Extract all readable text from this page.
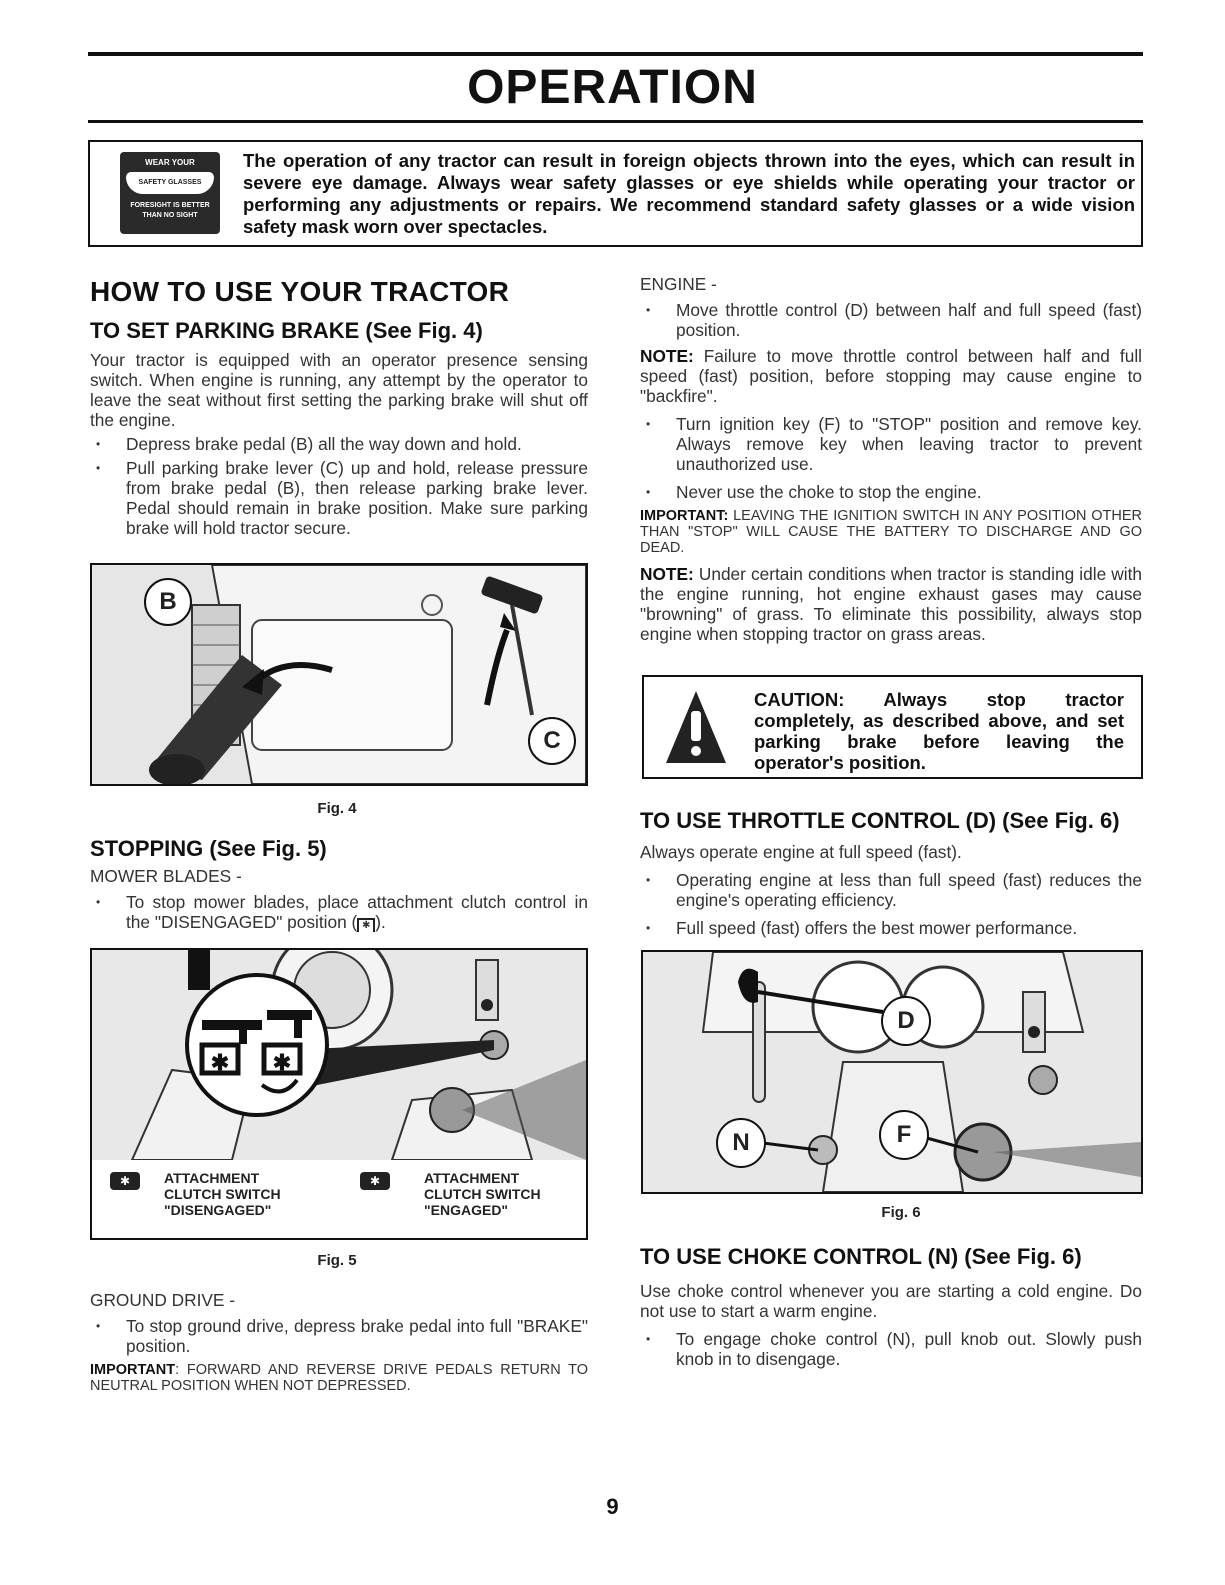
OPERATION
WEAR YOUR
SAFETY GLASSES
FORESIGHT IS BETTER
THAN NO SIGHT
The operation of any tractor can result in foreign objects thrown into the eyes, which can result in severe eye damage. Always wear safety glasses or eye shields while operating your tractor or performing any adjustments or repairs. We recommend standard safety glasses or a wide vision safety mask worn over spectacles.
HOW TO USE YOUR TRACTOR
TO SET PARKING BRAKE (See Fig. 4)

Your tractor is equipped with an operator presence sensing switch. When engine is running, any attempt by the operator to leave the seat without first setting the parking brake will shut off the engine.

• Depress brake pedal (B) all the way down and hold.

• Pull parking brake lever (C) up and hold, release pressure from brake pedal (B), then release parking brake lever. Pedal should remain in brake position. Make sure parking brake will hold tractor secure.

B
C
Fig. 4
STOPPING (See Fig. 5)

MOWER BLADES -

• To stop mower blades, place attachment clutch control in the "DISENGAGED" position ( ✱ ).

✱ ✱
✱	ATTACHMENT
CLUTCH SWITCH
"DISENGAGED"
✱	ATTACHMENT
CLUTCH SWITCH
"ENGAGED"
Fig. 5

GROUND DRIVE -

• To stop ground drive, depress brake pedal into full "BRAKE" position.

IMPORTANT: FORWARD AND REVERSE DRIVE PEDALS RETURN TO NEUTRAL POSITION WHEN NOT DEPRESSED.

ENGINE -

• Move throttle control (D) between half and full speed (fast) position.

NOTE: Failure to move throttle control between half and full speed (fast) position, before stopping may cause engine to "backfire".

• Turn ignition key (F) to "STOP" position and remove key. Always remove key when leaving tractor to prevent unauthorized use.

• Never use the choke to stop the engine.

IMPORTANT: LEAVING THE IGNITION SWITCH IN ANY POSITION OTHER THAN "STOP" WILL CAUSE THE BATTERY TO DISCHARGE AND GO DEAD.

NOTE: Under certain conditions when tractor is standing idle with the engine running, hot engine exhaust gases may cause "browning" of grass. To eliminate this possibility, always stop engine when stopping tractor on grass areas.

CAUTION: Always stop tractor completely, as described above, and set parking brake before leaving the operator's position.
TO USE THROTTLE CONTROL (D) (See Fig. 6)

Always operate engine at full speed (fast).

• Operating engine at less than full speed (fast) reduces the engine's operating efficiency.

• Full speed (fast) offers the best mower performance.

D
N	F
Fig. 6
TO USE CHOKE CONTROL (N) (See Fig. 6)

Use choke control whenever you are starting a cold engine. Do not use to start a warm engine.

• To engage choke control (N), pull knob out. Slowly push knob in to disengage.

9
